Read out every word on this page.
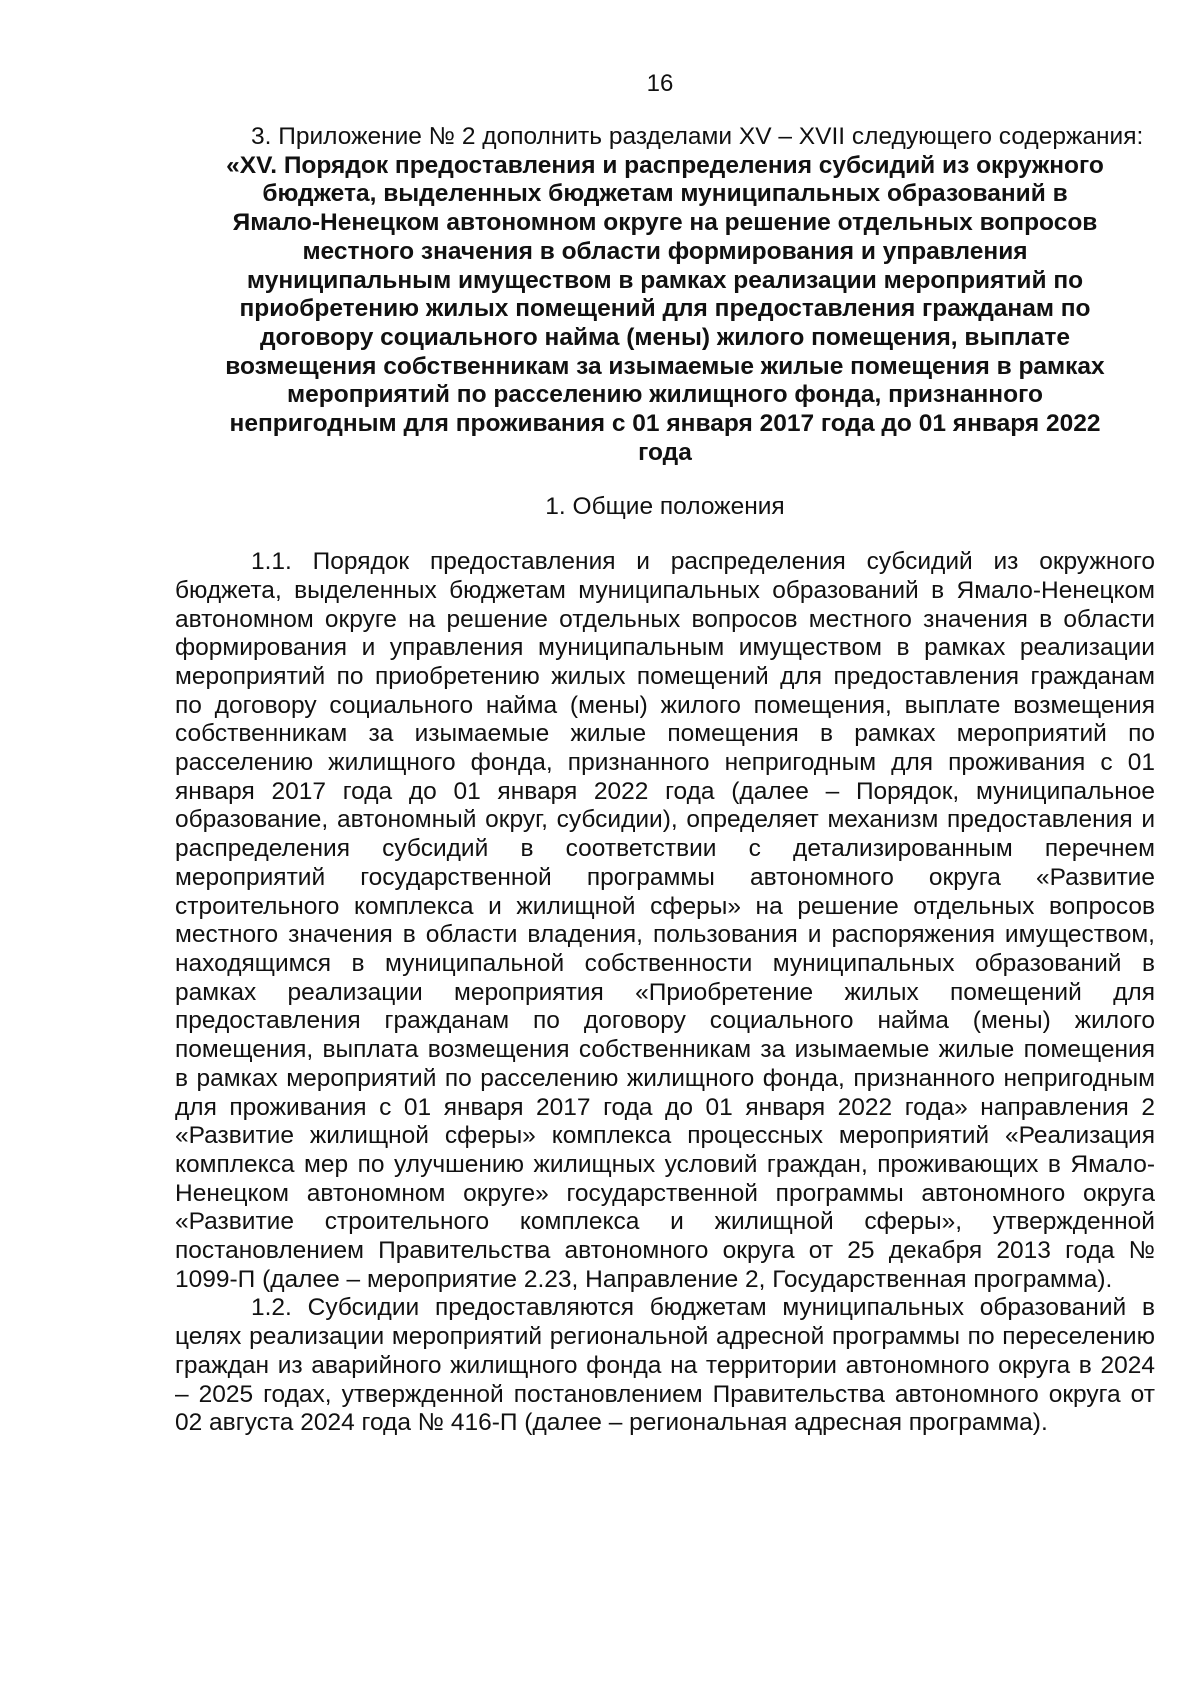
16

3. Приложение № 2 дополнить разделами XV – XVII следующего содержания:

«XV. Порядок предоставления и распределения субсидий из окружного бюджета, выделенных бюджетам муниципальных образований в Ямало-Ненецком автономном округе на решение отдельных вопросов местного значения в области формирования и управления муниципальным имуществом в рамках реализации мероприятий по приобретению жилых помещений для предоставления гражданам по договору социального найма (мены) жилого помещения, выплате возмещения собственникам за изымаемые жилые помещения в рамках мероприятий по расселению жилищного фонда, признанного непригодным для проживания с 01 января 2017 года до 01 января 2022 года

1. Общие положения

1.1. Порядок предоставления и распределения субсидий из окружного бюджета, выделенных бюджетам муниципальных образований в Ямало-Ненецком автономном округе на решение отдельных вопросов местного значения в области формирования и управления муниципальным имуществом в рамках реализации мероприятий по приобретению жилых помещений для предоставления гражданам по договору социального найма (мены) жилого помещения, выплате возмещения собственникам за изымаемые жилые помещения в рамках мероприятий по расселению жилищного фонда, признанного непригодным для проживания с 01 января 2017 года до 01 января 2022 года (далее – Порядок, муниципальное образование, автономный округ, субсидии), определяет механизм предоставления и распределения субсидий в соответствии с детализированным перечнем мероприятий государственной программы автономного округа «Развитие строительного комплекса и жилищной сферы» на решение отдельных вопросов местного значения в области владения, пользования и распоряжения имуществом, находящимся в муниципальной собственности муниципальных образований в рамках реализации мероприятия «Приобретение жилых помещений для предоставления гражданам по договору социального найма (мены) жилого помещения, выплата возмещения собственникам за изымаемые жилые помещения в рамках мероприятий по расселению жилищного фонда, признанного непригодным для проживания с 01 января 2017 года до 01 января 2022 года» направления 2 «Развитие жилищной сферы» комплекса процессных мероприятий «Реализация комплекса мер по улучшению жилищных условий граждан, проживающих в Ямало-Ненецком автономном округе» государственной программы автономного округа «Развитие строительного комплекса и жилищной сферы», утвержденной постановлением Правительства автономного округа от 25 декабря 2013 года № 1099-П (далее – мероприятие 2.23, Направление 2, Государственная программа).

1.2. Субсидии предоставляются бюджетам муниципальных образований в целях реализации мероприятий региональной адресной программы по переселению граждан из аварийного жилищного фонда на территории автономного округа в 2024 – 2025 годах, утвержденной постановлением Правительства автономного округа от 02 августа 2024 года № 416-П (далее – региональная адресная программа).
